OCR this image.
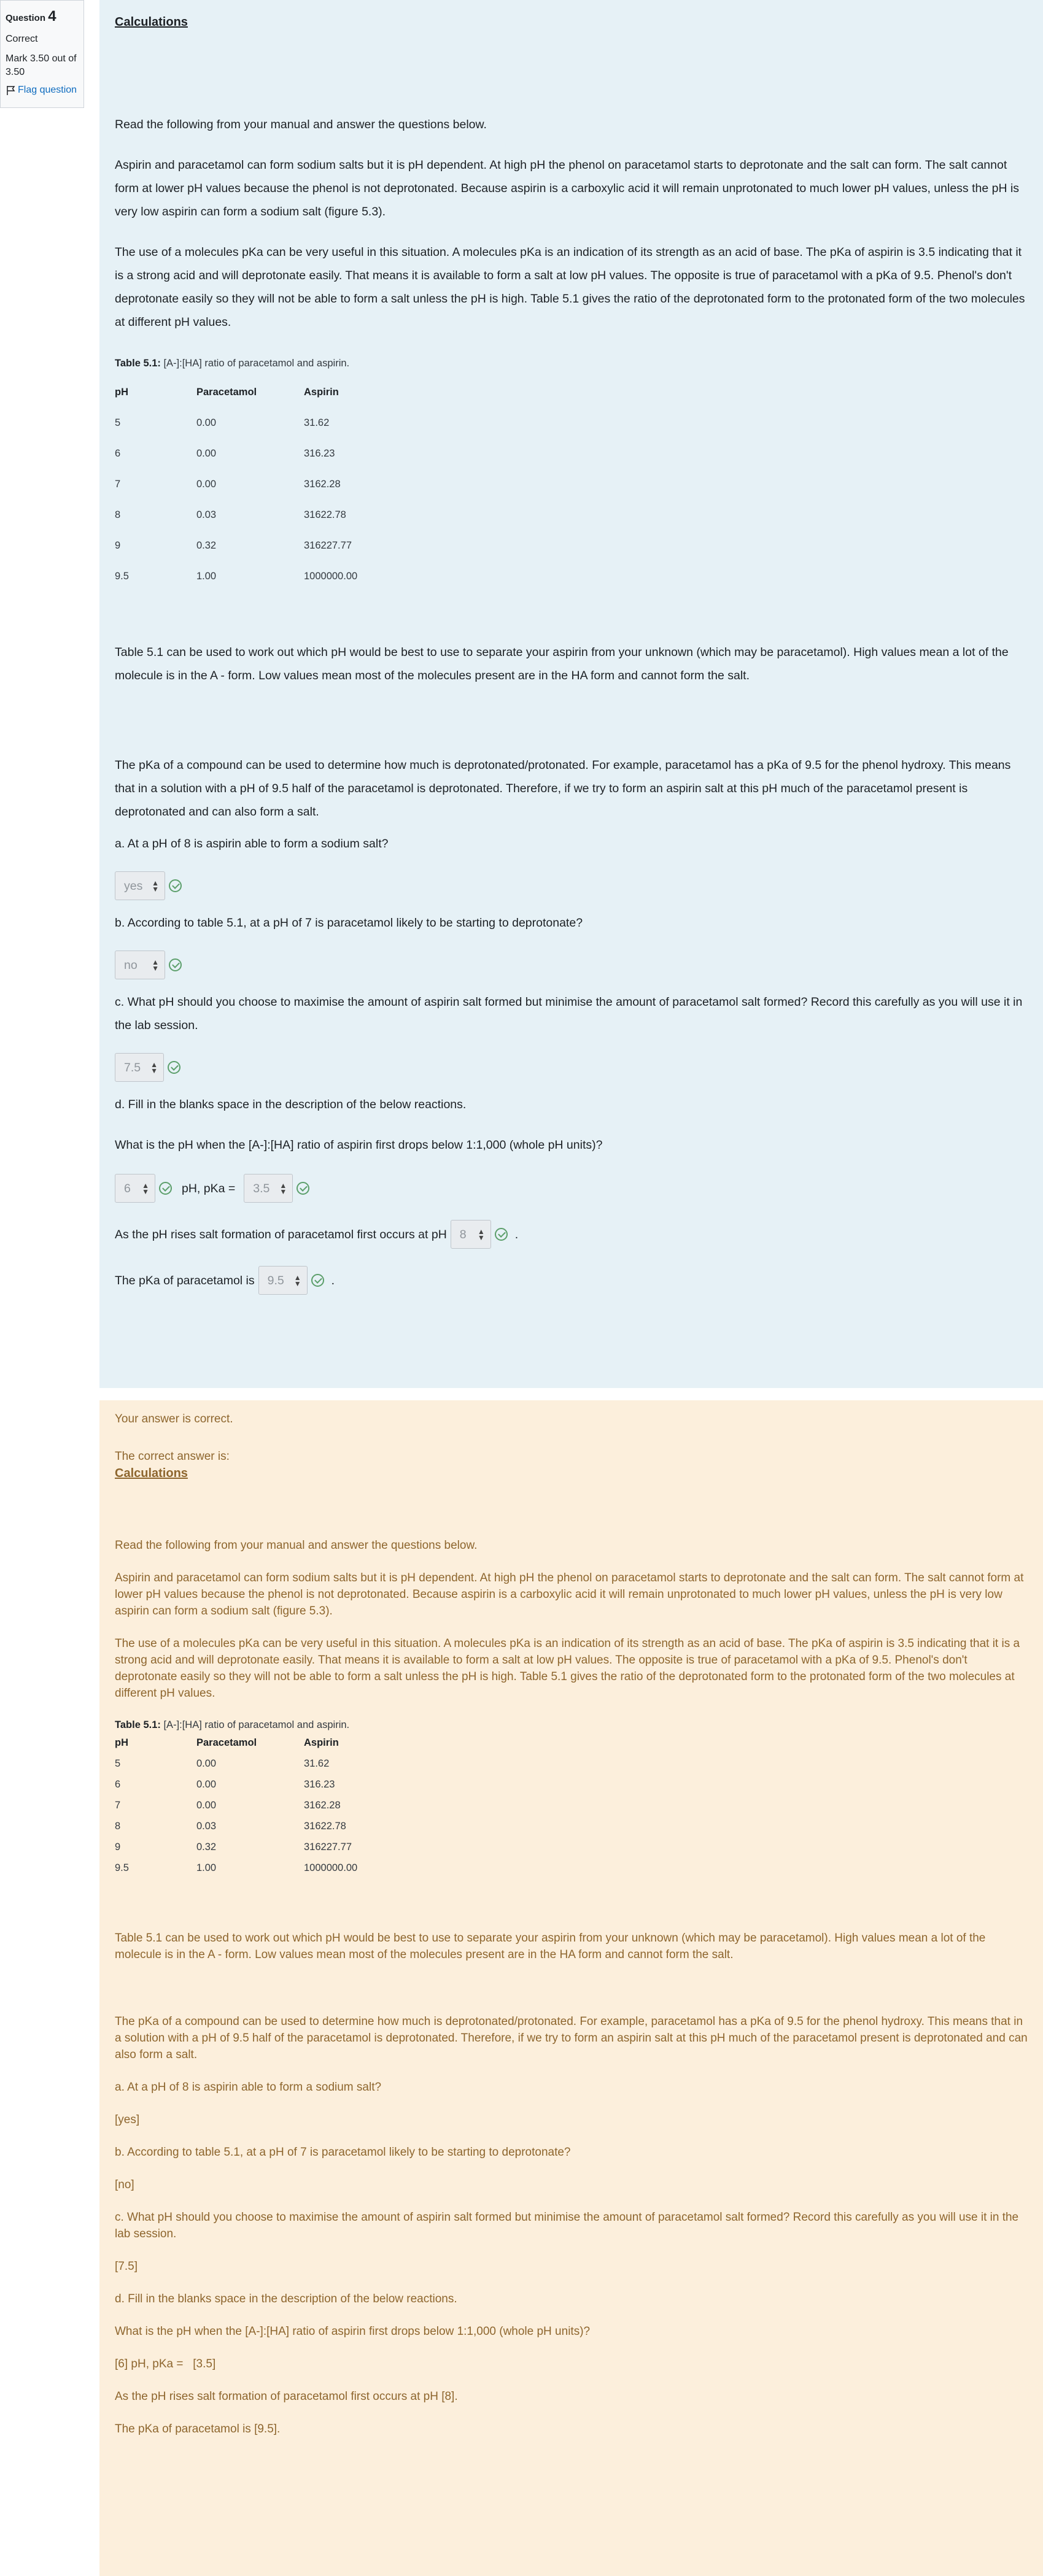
Question 4
Correct
Mark 3.50 out of 3.50
Flag question

Calculations

Read the following from your manual and answer the questions below.

Aspirin and paracetamol can form sodium salts but it is pH dependent. At high pH the phenol on paracetamol starts to deprotonate and the salt can form. The salt cannot form at lower pH values because the phenol is not deprotonated. Because aspirin is a carboxylic acid it will remain unprotonated to much lower pH values, unless the pH is very low aspirin can form a sodium salt (figure 5.3).

The use of a molecules pKa can be very useful in this situation. A molecules pKa is an indication of its strength as an acid of base. The pKa of aspirin is 3.5 indicating that it is a strong acid and will deprotonate easily. That means it is available to form a salt at low pH values. The opposite is true of paracetamol with a pKa of 9.5. Phenol's don't deprotonate easily so they will not be able to form a salt unless the pH is high. Table 5.1 gives the ratio of the deprotonated form to the protonated form of the two molecules at different pH values.

Table 5.1: [A-]:[HA] ratio of paracetamol and aspirin.

pH	Paracetamol	Aspirin
5	0.00	31.62
6	0.00	316.23
7	0.00	3162.28
8	0.03	31622.78
9	0.32	316227.77
9.5	1.00	1000000.00

Table 5.1 can be used to work out which pH would be best to use to separate your aspirin from your unknown (which may be paracetamol). High values mean a lot of the molecule is in the A - form. Low values mean most of the molecules present are in the HA form and cannot form the salt.

The pKa of a compound can be used to determine how much is deprotonated/protonated. For example, paracetamol has a pKa of 9.5 for the phenol hydroxy. This means that in a solution with a pH of 9.5 half of the paracetamol is deprotonated. Therefore, if we try to form an aspirin salt at this pH much of the paracetamol present is deprotonated and can also form a salt.

a. At a pH of 8 is aspirin able to form a sodium salt?

yes ▲
▼

b. According to table 5.1, at a pH of 7 is paracetamol likely to be starting to deprotonate?

no ▲
▼

c. What pH should you choose to maximise the amount of aspirin salt formed but minimise the amount of paracetamol salt formed? Record this carefully as you will use it in the lab session.

7.5 ▲
▼

d. Fill in the blanks space in the description of the below reactions.

What is the pH when the [A-]:[HA] ratio of aspirin first drops below 1:1,000 (whole pH units)?

6 ▲
▼	pH, pKa = 3.5 ▲
▼
As the pH rises salt formation of paracetamol first occurs at pH 8 ▲
▼	.
The pKa of paracetamol is 9.5 ▲
▼	.

Your answer is correct.

The correct answer is:

Calculations

Read the following from your manual and answer the questions below.

Aspirin and paracetamol can form sodium salts but it is pH dependent. At high pH the phenol on paracetamol starts to deprotonate and the salt can form. The salt cannot form at lower pH values because the phenol is not deprotonated. Because aspirin is a carboxylic acid it will remain unprotonated to much lower pH values, unless the pH is very low aspirin can form a sodium salt (figure 5.3).

The use of a molecules pKa can be very useful in this situation. A molecules pKa is an indication of its strength as an acid of base. The pKa of aspirin is 3.5 indicating that it is a strong acid and will deprotonate easily. That means it is available to form a salt at low pH values. The opposite is true of paracetamol with a pKa of 9.5. Phenol's don't deprotonate easily so they will not be able to form a salt unless the pH is high. Table 5.1 gives the ratio of the deprotonated form to the protonated form of the two molecules at different pH values.

Table 5.1: [A-]:[HA] ratio of paracetamol and aspirin.

pH	Paracetamol	Aspirin
5	0.00	31.62
6	0.00	316.23
7	0.00	3162.28
8	0.03	31622.78
9	0.32	316227.77
9.5	1.00	1000000.00

Table 5.1 can be used to work out which pH would be best to use to separate your aspirin from your unknown (which may be paracetamol). High values mean a lot of the molecule is in the A - form. Low values mean most of the molecules present are in the HA form and cannot form the salt.

The pKa of a compound can be used to determine how much is deprotonated/protonated. For example, paracetamol has a pKa of 9.5 for the phenol hydroxy. This means that in a solution with a pH of 9.5 half of the paracetamol is deprotonated. Therefore, if we try to form an aspirin salt at this pH much of the paracetamol present is deprotonated and can also form a salt.

a. At a pH of 8 is aspirin able to form a sodium salt?

[yes]

b. According to table 5.1, at a pH of 7 is paracetamol likely to be starting to deprotonate?

[no]

c. What pH should you choose to maximise the amount of aspirin salt formed but minimise the amount of paracetamol salt formed? Record this carefully as you will use it in the lab session.

[7.5]

d. Fill in the blanks space in the description of the below reactions.

What is the pH when the [A-]:[HA] ratio of aspirin first drops below 1:1,000 (whole pH units)?

[6] pH, pKa = [3.5]

As the pH rises salt formation of paracetamol first occurs at pH [8].

The pKa of paracetamol is [9.5].
